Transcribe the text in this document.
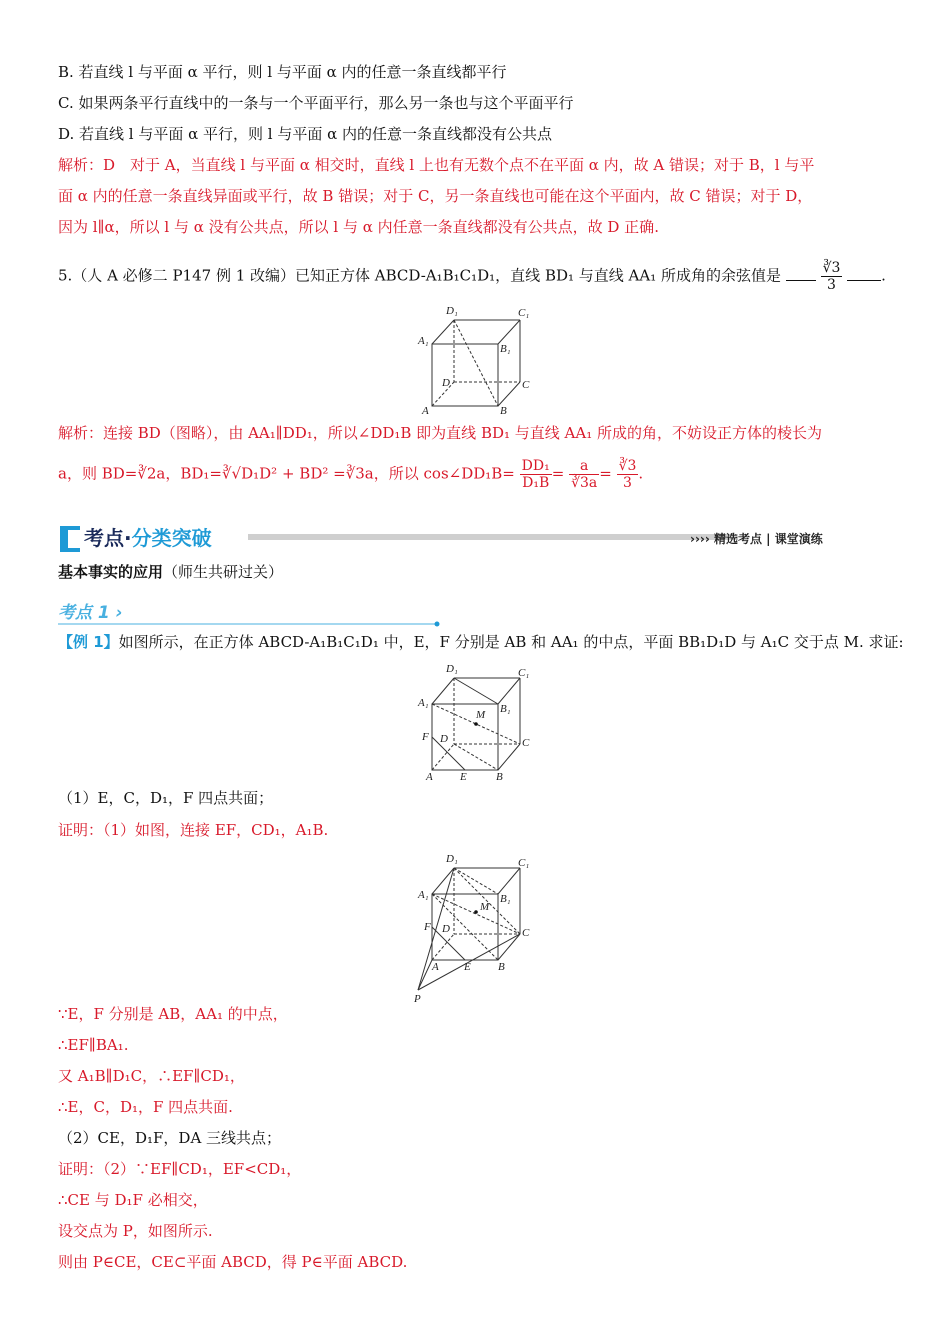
B. 若直线 l 与平面 α 平行，则 l 与平面 α 内的任意一条直线都平行
C. 如果两条平行直线中的一条与一个平面平行，那么另一条也与这个平面平行
D. 若直线 l 与平面 α 平行，则 l 与平面 α 内的任意一条直线都没有公共点
解析：D　对于 A，当直线 l 与平面 α 相交时，直线 l 上也有无数个点不在平面 α 内，故 A 错误；对于 B，l 与平
面 α 内的任意一条直线异面或平行，故 B 错误；对于 C，另一条直线也可能在这个平面内，故 C 错误；对于 D，
因为 l∥α，所以 l 与 α 没有公共点，所以 l 与 α 内任意一条直线都没有公共点，故 D 正确.
5.（人 A 必修二 P147 例 1 改编）已知正方体 ABCD-A₁B₁C₁D₁，直线 BD₁ 与直线 AA₁ 所成角的余弦值是	$\frac{∛3}{3}$	.
D₁	C₁
A₁
B₁
D	C
A	B
解析：连接 BD（图略），由 AA₁∥DD₁，所以∠DD₁B 即为直线 BD₁ 与直线 AA₁ 所成的角，不妨设正方体的棱长为
a，则 BD=∛2a，BD₁=∛√D₁D² + BD² =∛3a，所以 cos∠DD₁B= $\frac{\text{DD₁}}{\text{D₁B}} = \frac{a}{∛3a} = \frac{∛3}{3}$ .
考点·分类突破	›››› 精选考点 | 课堂演练
基本事实的应用（师生共研过关）
考点 1 ›
【例 1】如图所示，在正方体 ABCD-A₁B₁C₁D₁ 中，E，F 分别是 AB 和 AA₁ 的中点，平面 BB₁D₁D 与 A₁C 交于点 M. 求证:
D₁	C₁
A₁	B₁
M
F D	C
A E	B
（1）E，C，D₁，F 四点共面；
证明：（1）如图，连接 EF，CD₁，A₁B.
D₁	C₁
A₁	B₁
M
F D	C
A E B
P
∵E，F 分别是 AB，AA₁ 的中点，
∴EF∥BA₁.
又 A₁B∥D₁C，∴EF∥CD₁，
∴E，C，D₁，F 四点共面.
（2）CE，D₁F，DA 三线共点；
证明：（2）∵EF∥CD₁，EF<CD₁，
∴CE 与 D₁F 必相交，
设交点为 P，如图所示.
则由 P∈CE，CE⊂平面 ABCD，得 P∈平面 ABCD.
